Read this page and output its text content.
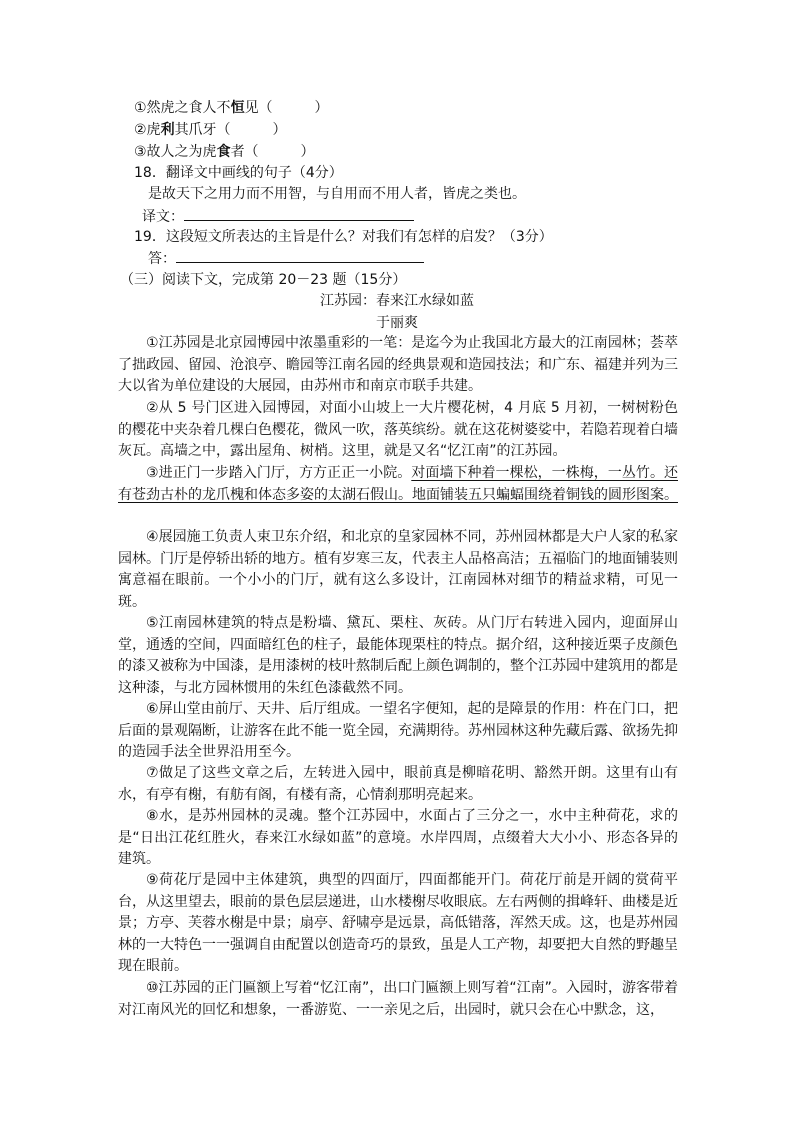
①然虎之食人不恒见（　　　）
②虎利其爪牙（　　　）
③故人之为虎食者（　　　）
18．翻译文中画线的句子（4分）
是故天下之用力而不用智，与自用而不用人者，皆虎之类也。
译文：
19．这段短文所表达的主旨是什么？对我们有怎样的启发？（3分）
答：
（三）阅读下文，完成第 20－23 题（15分）
江苏园：春来江水绿如蓝
于丽爽
①江苏园是北京园博园中浓墨重彩的一笔：是迄今为止我国北方最大的江南园林；荟萃了拙政园、留园、沧浪亭、瞻园等江南名园的经典景观和造园技法；和广东、福建并列为三大以省为单位建设的大展园，由苏州市和南京市联手共建。
②从 5 号门区进入园博园，对面小山坡上一大片樱花树，4 月底 5 月初，一树树粉色的樱花中夹杂着几棵白色樱花，微风一吹，落英缤纷。就在这花树婆娑中，若隐若现着白墙灰瓦。高墙之中，露出屋角、树梢。这里，就是又名“忆江南”的江苏园。
③进正门一步踏入门厅，方方正正一小院。对面墙下种着一棵松，一株梅，一丛竹。还有苍劲古朴的龙爪槐和体态多姿的太湖石假山。地面铺装五只蝙蝠围绕着铜钱的圆形图案。
④展园施工负责人束卫东介绍，和北京的皇家园林不同，苏州园林都是大户人家的私家园林。门厅是停轿出轿的地方。植有岁寒三友，代表主人品格高洁；五福临门的地面铺装则寓意福在眼前。一个小小的门厅，就有这么多设计，江南园林对细节的精益求精，可见一斑。
⑤江南园林建筑的特点是粉墙、黛瓦、栗柱、灰砖。从门厅右转进入园内，迎面屏山堂，通透的空间，四面暗红色的柱子，最能体现栗柱的特点。据介绍，这种接近栗子皮颜色的漆又被称为中国漆，是用漆树的枝叶熬制后配上颜色调制的，整个江苏园中建筑用的都是这种漆，与北方园林惯用的朱红色漆截然不同。
⑥屏山堂由前厅、天井、后厅组成。一望名字便知，起的是障景的作用：杵在门口，把后面的景观隔断，让游客在此不能一览全园，充满期待。苏州园林这种先藏后露、欲扬先抑的造园手法全世界沿用至今。
⑦做足了这些文章之后，左转进入园中，眼前真是柳暗花明、豁然开朗。这里有山有水，有亭有榭，有舫有阁，有楼有斋，心情刹那明亮起来。
⑧水，是苏州园林的灵魂。整个江苏园中，水面占了三分之一，水中主种荷花，求的是“日出江花红胜火，春来江水绿如蓝”的意境。水岸四周，点缀着大大小小、形态各异的建筑。
⑨荷花厅是园中主体建筑，典型的四面厅，四面都能开门。荷花厅前是开阔的赏荷平台，从这里望去，眼前的景色层层递进，山水楼榭尽收眼底。左右两侧的揖峰轩、曲楼是近景；方亭、芙蓉水榭是中景；扇亭、舒啸亭是远景，高低错落，浑然天成。这，也是苏州园林的一大特色一一强调自由配置以创造奇巧的景致，虽是人工产物，却要把大自然的野趣呈现在眼前。
⑩江苏园的正门匾额上写着“忆江南”，出口门匾额上则写着“江南”。入园时，游客带着对江南风光的回忆和想象，一番游览、一一亲见之后，出园时，就只会在心中默念，这，
